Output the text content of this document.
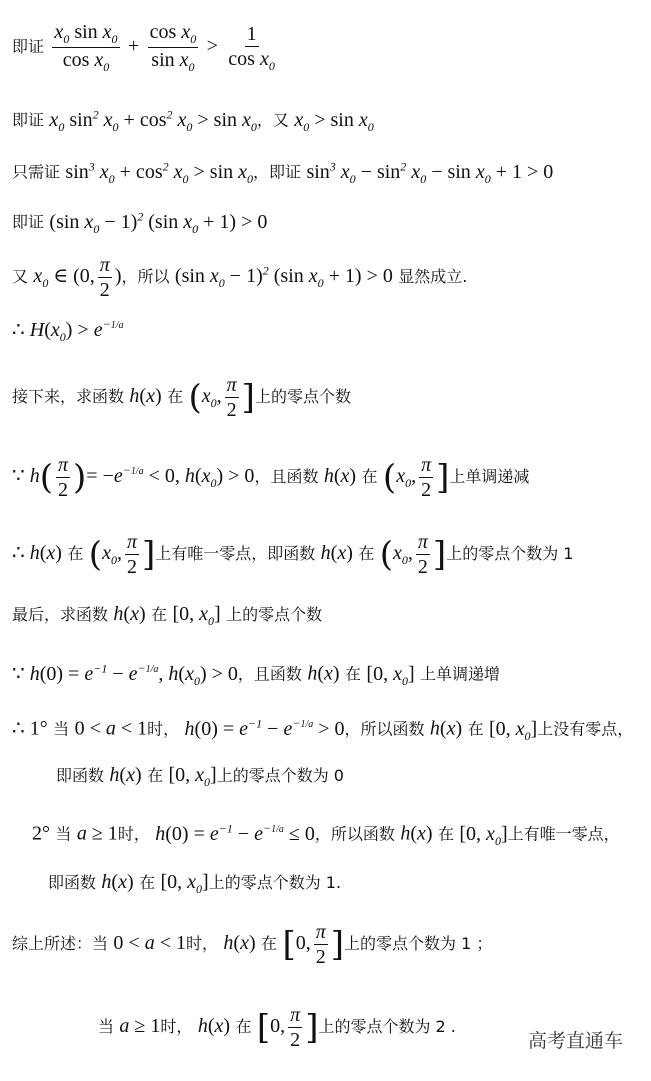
即证 $\frac{x_0 \sin x_0}{\cos x_0} + \frac{\cos x_0}{\sin x_0} > \frac{1}{\cos x_0}$
即证 $x_0$ $\sin^2 x_0 + \cos^2 x_0 > \sin x_0$，又 $x_0 > \sin x_0$
只需证 $\sin^3 x_0 + \cos^2 x_0 > \sin x_0$，即证 $\sin^3 x_0 - \sin^2 x_0 - \sin x_0 + 1 > 0$
即证 (sin $x_0 - 1)^2$ (sin $x_0 + 1) > 0$
又 $x_0$ ∈ (0, $\frac{\pi}{2}$ )，所以 (sin $x_0 - 1)^2$ (sin $x_0 + 1) > 0$ 显然成立.
∴ $H(x_0) > e^{-1/a}$
接下来，求函数 h(x) 在 ($x_0$, $\frac{\pi}{2}$ ]上的零点个数
∵ $h( \frac{\pi}{2}$ )= $-e^{-1/a} < 0$, $h(x_0) > 0$，且函数 h(x) 在 ($x_0$, $\frac{\pi}{2}$ ]上单调递减
∴ h(x) 在 ($x_0$, $\frac{\pi}{2}$ ]上有唯一零点，即函数 h(x) 在 ($x_0$, $\frac{\pi}{2}$ ]上的零点个数为 1
最后，求函数 h(x) 在 [0, $x_0$] 上的零点个数
∵ $h(0) = e^{-1} - e^{-1/a}$, $h(x_0) > 0$，且函数 h(x) 在 [0, $x_0$] 上单调递增
∴ 1° 当 0 < a < 1时， $h(0) = e^{-1} - e^{-1/a} > 0$，所以函数 h(x) 在 [0, $x_0$]上没有零点，
即函数 h(x) 在 [0, $x_0$]上的零点个数为 0
2° 当 a ≥ 1时， $h(0) = e^{-1} - e^{-1/a} \le 0$，所以函数 h(x) 在 [0, $x_0$]上有唯一零点，
即函数 h(x) 在 [0, $x_0$]上的零点个数为 1.
综上所述：当 0 < a < 1时， h(x) 在 [0, $\frac{\pi}{2}$ ]上的零点个数为 1 ；
当 a ≥ 1时， h(x) 在 [0, $\frac{\pi}{2}$ ]上的零点个数为 2 .
高考直通车
